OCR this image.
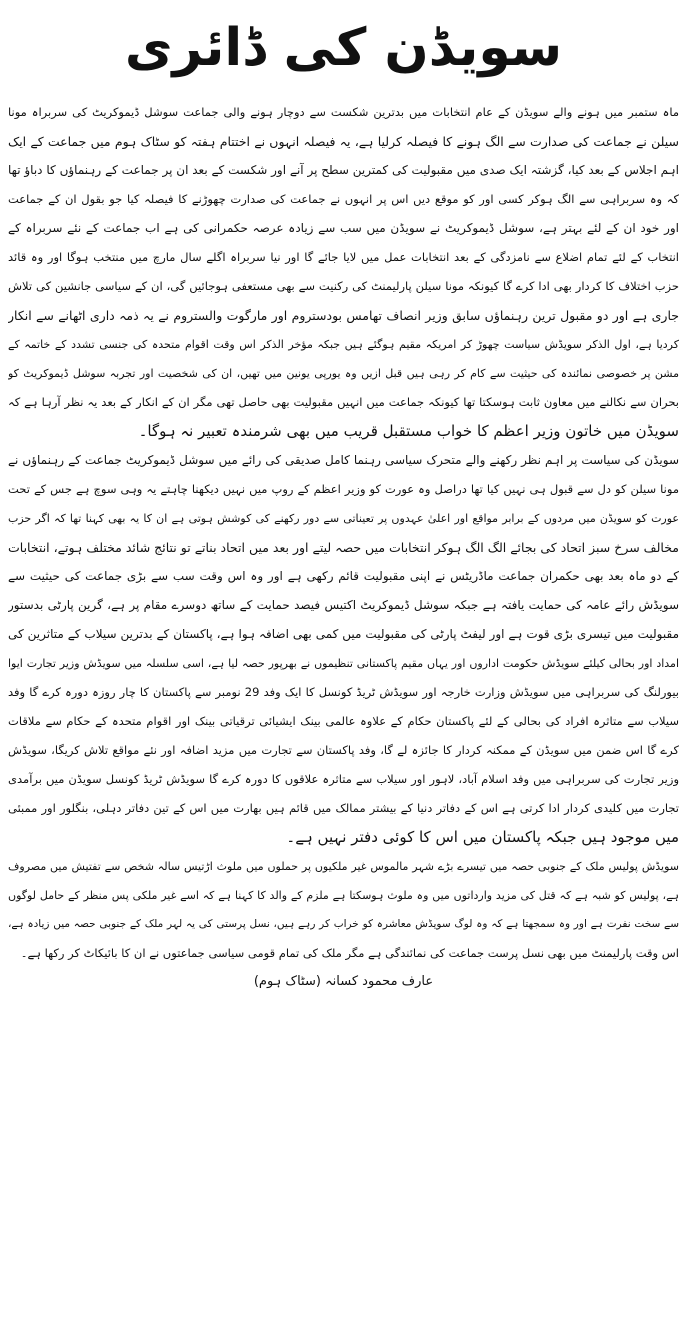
سویڈن کی ڈائری
ماہ ستمبر میں ہونے والے سویڈن کے عام انتخابات میں بدترین شکست سے دوچار ہونے والی جماعت سوشل ڈیموکریٹ کی سربراہ مونا
سیلن نے جماعت کی صدارت سے الگ ہونے کا فیصلہ کرلیا ہے، یہ فیصلہ انہوں نے اختتام ہفتہ کو سٹاک ہوم میں جماعت کے ایک
اہم اجلاس کے بعد کیا، گزشتہ ایک صدی میں مقبولیت کی کمترین سطح پر آنے اور شکست کے بعد ان پر جماعت کے رہنماؤں کا دباؤ تھا
کہ وہ سربراہی سے الگ ہوکر کسی اور کو موقع دیں اس پر انہوں نے جماعت کی صدارت چھوڑنے کا فیصلہ کیا جو بقول ان کے جماعت
اور خود ان کے لئے بہتر ہے، سوشل ڈیموکریٹ نے سویڈن میں سب سے زیادہ عرصہ حکمرانی کی ہے اب جماعت کے نئے سربراہ کے
انتخاب کے لئے تمام اضلاع سے نامزدگی کے بعد انتخابات عمل میں لایا جائے گا اور نیا سربراہ اگلے سال مارچ میں منتخب ہوگا اور وہ قائد
حزب اختلاف کا کردار بھی ادا کرے گا کیونکہ مونا سیلن پارلیمنٹ کی رکنیت سے بھی مستعفی ہوجائیں گی، ان کے سیاسی جانشین کی تلاش
جاری ہے اور دو مقبول ترین رہنماؤں سابق وزیر انصاف تھامس بودستروم اور مارگوت والستروم نے یہ ذمہ داری اٹھانے سے انکار
کردیا ہے، اول الذکر سویڈش سیاست چھوڑ کر امریکہ مقیم ہوگئے ہیں جبکہ مؤخر الذکر اس وقت اقوام متحدہ کی جنسی تشدد کے خاتمہ کے
مشن پر خصوصی نمائندہ کی حیثیت سے کام کر رہی ہیں قبل ازیں وہ یورپی یونین میں تھیں، ان کی شخصیت اور تجربہ سوشل ڈیموکریٹ کو
بحران سے نکالنے میں معاون ثابت ہوسکتا تھا کیونکہ جماعت میں انہیں مقبولیت بھی حاصل تھی مگر ان کے انکار کے بعد یہ نظر آرہا ہے کہ
سویڈن میں خاتون وزیر اعظم کا خواب مستقبل قریب میں بھی شرمندہ تعبیر نہ ہوگا۔
سویڈن کی سیاست پر اہم نظر رکھنے والے متحرک سیاسی رہنما کامل صدیقی کی رائے میں سوشل ڈیموکریٹ جماعت کے رہنماؤں نے
مونا سیلن کو دل سے قبول ہی نہیں کیا تھا دراصل وہ عورت کو وزیر اعظم کے روپ میں نہیں دیکھنا چاہتے یہ وہی سوچ ہے جس کے تحت
عورت کو سویڈن میں مردوں کے برابر مواقع اور اعلیٰ عہدوں پر تعیناتی سے دور رکھنے کی کوشش ہوتی ہے ان کا یہ بھی کہنا تھا کہ اگر حزب
مخالف سرخ سبز اتحاد کی بجائے الگ الگ ہوکر انتخابات میں حصہ لیتے اور بعد میں اتحاد بناتے تو نتائج شائد مختلف ہوتے، انتخابات
کے دو ماہ بعد بھی حکمران جماعت ماڈریٹس نے اپنی مقبولیت قائم رکھی ہے اور وہ اس وقت سب سے بڑی جماعت کی حیثیت سے
سویڈش رائے عامہ کی حمایت یافتہ ہے جبکہ سوشل ڈیموکریٹ اکتیس فیصد حمایت کے ساتھ دوسرے مقام پر ہے، گرین پارٹی بدستور
مقبولیت میں تیسری بڑی قوت ہے اور لیفٹ پارٹی کی مقبولیت میں کمی بھی اضافہ ہوا ہے، پاکستان کے بدترین سیلاب کے متاثرین کی
امداد اور بحالی کیلئے سویڈش حکومت اداروں اور یہاں مقیم پاکستانی تنظیموں نے بھرپور حصہ لیا ہے، اسی سلسلہ میں سویڈش وزیر تجارت ایوا
بیورلنگ کی سربراہی میں سویڈش وزارت خارجہ اور سویڈش ٹریڈ کونسل کا ایک وفد 29 نومبر سے پاکستان کا چار روزہ دورہ کرے گا وفد
سیلاب سے متاثرہ افراد کی بحالی کے لئے پاکستان حکام کے علاوہ عالمی بینک ایشیائی ترقیاتی بینک اور اقوام متحدہ کے حکام سے ملاقات
کرے گا اس ضمن میں سویڈن کے ممکنہ کردار کا جائزہ لے گا، وفد پاکستان سے تجارت میں مزید اضافہ اور نئے مواقع تلاش کریگا، سویڈش
وزیر تجارت کی سربراہی میں وفد اسلام آباد، لاہور اور سیلاب سے متاثرہ علاقوں کا دورہ کرے گا سویڈش ٹریڈ کونسل سویڈن میں برآمدی
تجارت میں کلیدی کردار ادا کرتی ہے اس کے دفاتر دنیا کے بیشتر ممالک میں قائم ہیں بھارت میں اس کے تین دفاتر دہلی، بنگلور اور ممبئی
میں موجود ہیں جبکہ پاکستان میں اس کا کوئی دفتر نہیں ہے۔
سویڈش پولیس ملک کے جنوبی حصہ میں تیسرے بڑے شہر مالموس غیر ملکیوں پر حملوں میں ملوث اڑتیس سالہ شخص سے تفتیش میں مصروف
ہے، پولیس کو شبہ ہے کہ قتل کی مزید وارداتوں میں وہ ملوث ہوسکتا ہے ملزم کے والد کا کہنا ہے کہ اسے غیر ملکی پس منظر کے حامل لوگوں
سے سخت نفرت ہے اور وہ سمجھتا ہے کہ وہ لوگ سویڈش معاشرہ کو خراب کر رہے ہیں، نسل پرستی کی یہ لہر ملک کے جنوبی حصہ میں زیادہ ہے،
اس وقت پارلیمنٹ میں بھی نسل پرست جماعت کی نمائندگی ہے مگر ملک کی تمام قومی سیاسی جماعتوں نے ان کا بائیکاٹ کر رکھا ہے۔
عارف محمود کسانہ (سٹاک ہوم)
